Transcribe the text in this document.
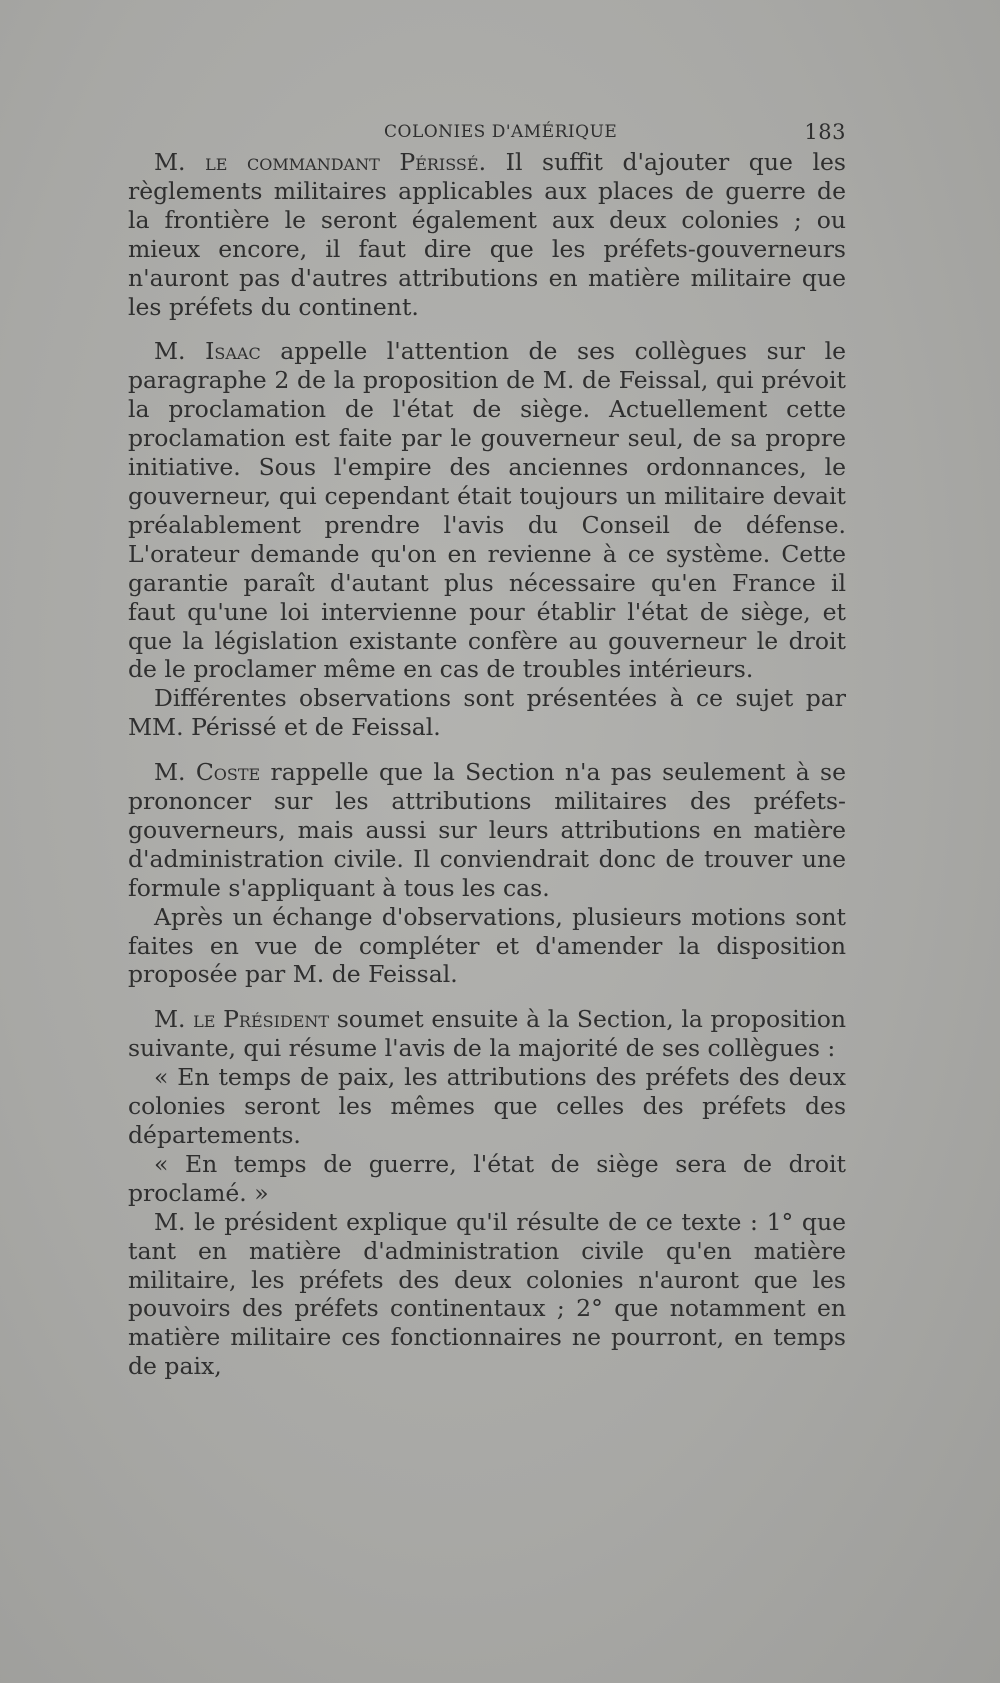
COLONIES D'AMÉRIQUE	183

M. le commandant Périssé. Il suffit d'ajouter que les règlements militaires applicables aux places de guerre de la frontière le seront également aux deux colonies ; ou mieux encore, il faut dire que les préfets-gouverneurs n'auront pas d'autres attributions en matière militaire que les préfets du continent.

M. Isaac appelle l'attention de ses collègues sur le paragraphe 2 de la proposition de M. de Feissal, qui prévoit la proclamation de l'état de siège. Actuellement cette proclamation est faite par le gouverneur seul, de sa propre initiative. Sous l'empire des anciennes ordonnances, le gouverneur, qui cependant était toujours un militaire devait préalablement prendre l'avis du Conseil de défense. L'orateur demande qu'on en revienne à ce système. Cette garantie paraît d'autant plus nécessaire qu'en France il faut qu'une loi intervienne pour établir l'état de siège, et que la législation existante confère au gouverneur le droit de le proclamer même en cas de troubles intérieurs.

Différentes observations sont présentées à ce sujet par MM. Périssé et de Feissal.

M. Coste rappelle que la Section n'a pas seulement à se prononcer sur les attributions militaires des préfets-gouverneurs, mais aussi sur leurs attributions en matière d'administration civile. Il conviendrait donc de trouver une formule s'appliquant à tous les cas.

Après un échange d'observations, plusieurs motions sont faites en vue de compléter et d'amender la disposition proposée par M. de Feissal.

M. le Président soumet ensuite à la Section, la proposition suivante, qui résume l'avis de la majorité de ses collègues :

« En temps de paix, les attributions des préfets des deux colonies seront les mêmes que celles des préfets des départements.

« En temps de guerre, l'état de siège sera de droit proclamé. »

M. le président explique qu'il résulte de ce texte : 1° que tant en matière d'administration civile qu'en matière militaire, les préfets des deux colonies n'auront que les pouvoirs des préfets continentaux ; 2° que notamment en matière militaire ces fonctionnaires ne pourront, en temps de paix,
